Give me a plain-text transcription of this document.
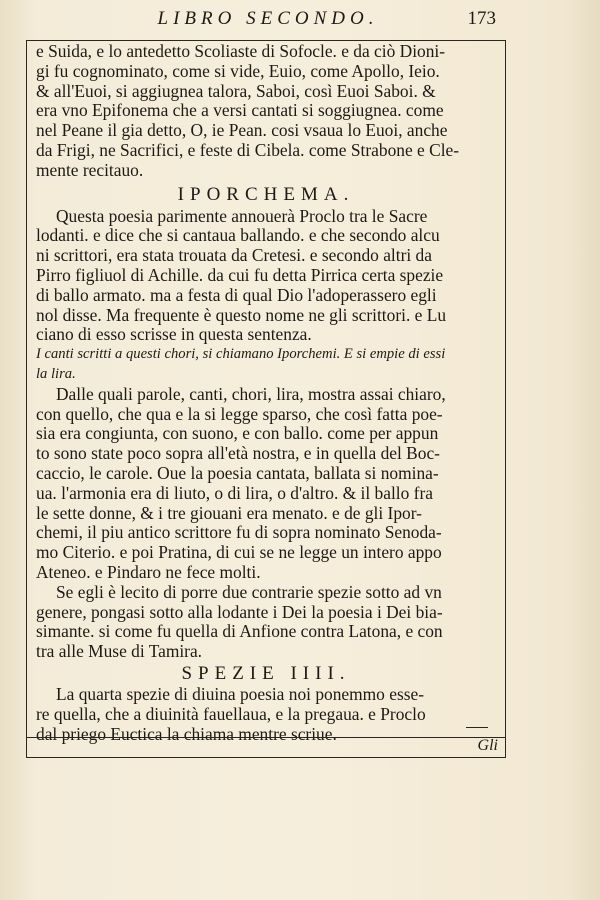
LIBRO SECONDO.	173
e Suida, e lo antedetto Scoliaste di Sofocle. e da ciò Dioni-
gi fu cognominato, come si vide, Euio, come Apollo, Ieio.
& all'Euoi, si aggiugnea talora, Saboi, così Euoi Saboi. &
era vno Epifonema che a versi cantati si soggiugnea. come
nel Peane il gia detto, O, ie Pean. cosi vsaua lo Euoi, anche
da Frigi, ne Sacrifici, e feste di Cibela. come Strabone e Cle-
mente recitauo.
IPORCHEMA.
Questa poesia parimente annouerà Proclo tra le Sacre
lodanti. e dice che si cantaua ballando. e che secondo alcu
ni scrittori, era stata trouata da Cretesi. e secondo altri da
Pirro figliuol di Achille. da cui fu detta Pirrica certa spezie
di ballo armato. ma a festa di qual Dio l'adoperassero egli
nol disse. Ma frequente è questo nome ne gli scrittori. e Lu
ciano di esso scrisse in questa sentenza.
I canti scritti a questi chori, si chiamano Iporchemi. E si empie di essi
la lira.
Dalle quali parole, canti, chori, lira, mostra assai chiaro,
con quello, che qua e la si legge sparso, che così fatta poe-
sia era congiunta, con suono, e con ballo. come per appun
to sono state poco sopra all'età nostra, e in quella del Boc-
caccio, le carole. Oue la poesia cantata, ballata si nomina-
ua. l'armonia era di liuto, o di lira, o d'altro. & il ballo fra
le sette donne, & i tre giouani era menato. e de gli Ipor-
chemi, il piu antico scrittore fu di sopra nominato Senoda-
mo Citerio. e poi Pratina, di cui se ne legge un intero appo
Ateneo. e Pindaro ne fece molti.
Se egli è lecito di porre due contrarie spezie sotto ad vn
genere, pongasi sotto alla lodante i Dei la poesia i Dei bia-
simante. si come fu quella di Anfione contra Latona, e con
tra alle Muse di Tamira.
SPEZIE IIII.
La quarta spezie di diuina poesia noi ponemmo esse-
re quella, che a diuinità fauellaua, e la pregaua. e Proclo
dal priego Euctica la chiama mentre scriue.
Gli
